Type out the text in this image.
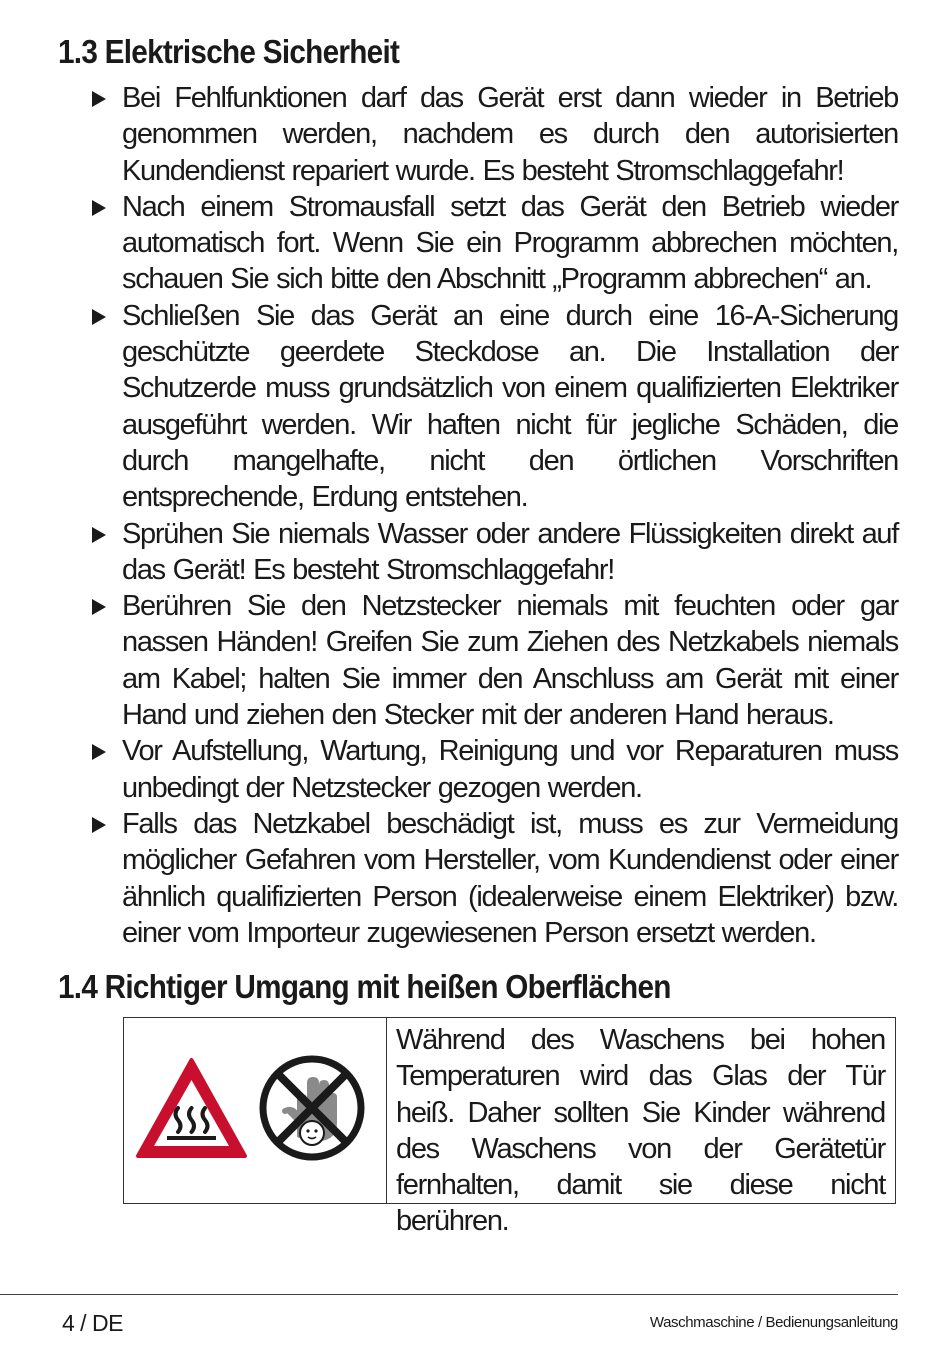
1.3 Elektrische Sicherheit
Bei Fehlfunktionen darf das Gerät erst dann wieder in Betrieb genommen werden, nachdem es durch den autorisierten Kundendienst repariert wurde. Es besteht Stromschlaggefahr!
Nach einem Stromausfall setzt das Gerät den Betrieb wieder automatisch fort. Wenn Sie ein Programm abbrechen möchten, schauen Sie sich bitte den Abschnitt „Programm abbrechen“ an.
Schließen Sie das Gerät an eine durch eine 16-A-Sicherung geschützte geerdete Steckdose an. Die Installation der Schutzerde muss grundsätzlich von einem qualifizierten Elektriker ausgeführt werden. Wir haften nicht für jegliche Schäden, die durch mangelhafte, nicht den örtlichen Vorschriften entsprechende, Erdung entstehen.
Sprühen Sie niemals Wasser oder andere Flüssigkeiten direkt auf das Gerät! Es besteht Stromschlaggefahr!
Berühren Sie den Netzstecker niemals mit feuchten oder gar nassen Händen! Greifen Sie zum Ziehen des Netzkabels niemals am Kabel; halten Sie immer den Anschluss am Gerät mit einer Hand und ziehen den Stecker mit der anderen Hand heraus.
Vor Aufstellung, Wartung, Reinigung und vor Reparaturen muss unbedingt der Netzstecker gezogen werden.
Falls das Netzkabel beschädigt ist, muss es zur Vermeidung möglicher Gefahren vom Hersteller, vom Kundendienst oder einer ähnlich qualifizierten Person (idealerweise einem Elektriker) bzw. einer vom Importeur zugewiesenen Person ersetzt werden.
1.4 Richtiger Umgang mit heißen Oberflächen
Während des Waschens bei hohen Temperaturen wird das Glas der Tür heiß. Daher sollten Sie Kinder während des Waschens von der Gerätetür fernhalten, damit sie diese nicht berühren.
4 / DE	Waschmaschine / Bedienungsanleitung
